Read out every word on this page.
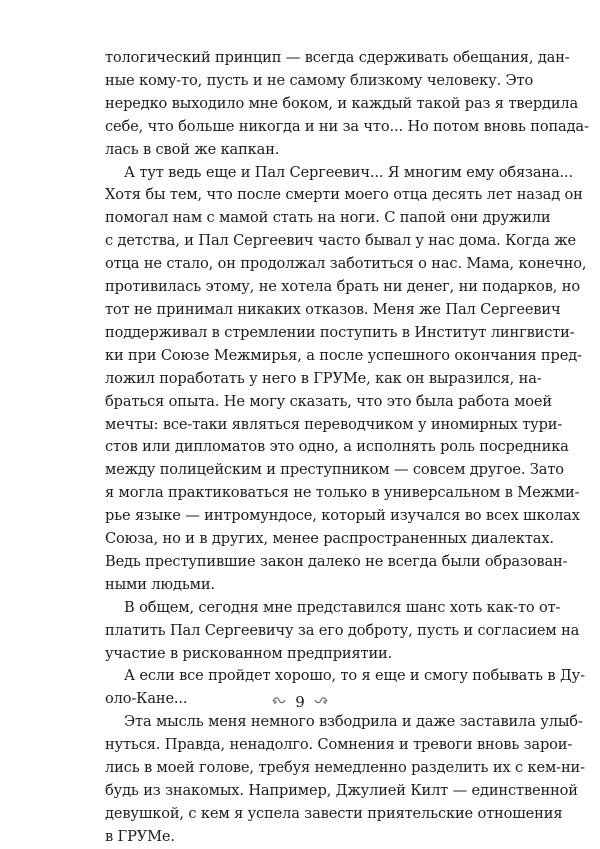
тологический принцип — всегда сдерживать обещания, дан-
ные кому-то, пусть и не самому близкому человеку. Это
нередко выходило мне боком, и каждый такой раз я твердила
себе, что больше никогда и ни за что... Но потом вновь попада-
лась в свой же капкан.

А тут ведь еще и Пал Сергеевич... Я многим ему обязана...
Хотя бы тем, что после смерти моего отца десять лет назад он
помогал нам с мамой стать на ноги. С папой они дружили
с детства, и Пал Сергеевич часто бывал у нас дома. Когда же
отца не стало, он продолжал заботиться о нас. Мама, конечно,
противилась этому, не хотела брать ни денег, ни подарков, но
тот не принимал никаких отказов. Меня же Пал Сергеевич
поддерживал в стремлении поступить в Институт лингвисти-
ки при Союзе Межмирья, а после успешного окончания пред-
ложил поработать у него в ГРУМе, как он выразился, на-
браться опыта. Не могу сказать, что это была работа моей
мечты: все-таки являться переводчиком у иномирных тури-
стов или дипломатов это одно, а исполнять роль посредника
между полицейским и преступником — совсем другое. Зато
я могла практиковаться не только в универсальном в Межми-
рье языке — интромундосе, который изучался во всех школах
Союза, но и в других, менее распространенных диалектах.
Ведь преступившие закон далеко не всегда были образован-
ными людьми.

В общем, сегодня мне представился шанс хоть как-то от-
платить Пал Сергеевичу за его доброту, пусть и согласием на
участие в рискованном предприятии.

А если все пройдет хорошо, то я еще и смогу побывать в Ду-
оло-Кане...

Эта мысль меня немного взбодрила и даже заставила улыб-
нуться. Правда, ненадолго. Сомнения и тревоги вновь зарои-
лись в моей голове, требуя немедленно разделить их с кем-ни-
будь из знакомых. Например, Джулией Килт — единственной
девушкой, с кем я успела завести приятельские отношения
в ГРУМе.

9
